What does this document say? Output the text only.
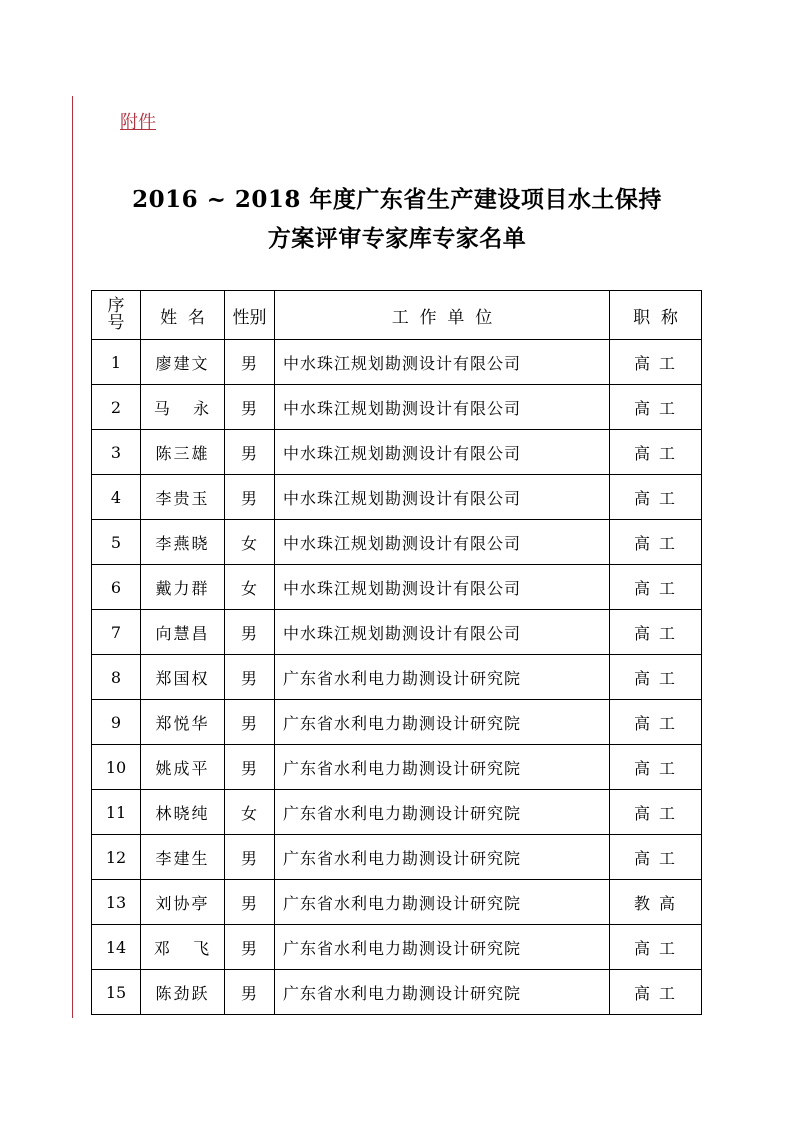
附件
2016 ~ 2018 年度广东省生产建设项目水土保持
方案评审专家库专家名单
序
号	姓  名	性别	工  作  单  位	职  称
1	廖建文	男	中水珠江规划勘测设计有限公司	高 工
2	马   永	男	中水珠江规划勘测设计有限公司	高 工
3	陈三雄	男	中水珠江规划勘测设计有限公司	高 工
4	李贵玉	男	中水珠江规划勘测设计有限公司	高 工
5	李燕晓	女	中水珠江规划勘测设计有限公司	高 工
6	戴力群	女	中水珠江规划勘测设计有限公司	高 工
7	向慧昌	男	中水珠江规划勘测设计有限公司	高 工
8	郑国权	男	广东省水利电力勘测设计研究院	高 工
9	郑悦华	男	广东省水利电力勘测设计研究院	高 工
10	姚成平	男	广东省水利电力勘测设计研究院	高 工
11	林晓纯	女	广东省水利电力勘测设计研究院	高 工
12	李建生	男	广东省水利电力勘测设计研究院	高 工
13	刘协亭	男	广东省水利电力勘测设计研究院	教 高
14	邓   飞	男	广东省水利电力勘测设计研究院	高 工
15	陈劲跃	男	广东省水利电力勘测设计研究院	高 工
